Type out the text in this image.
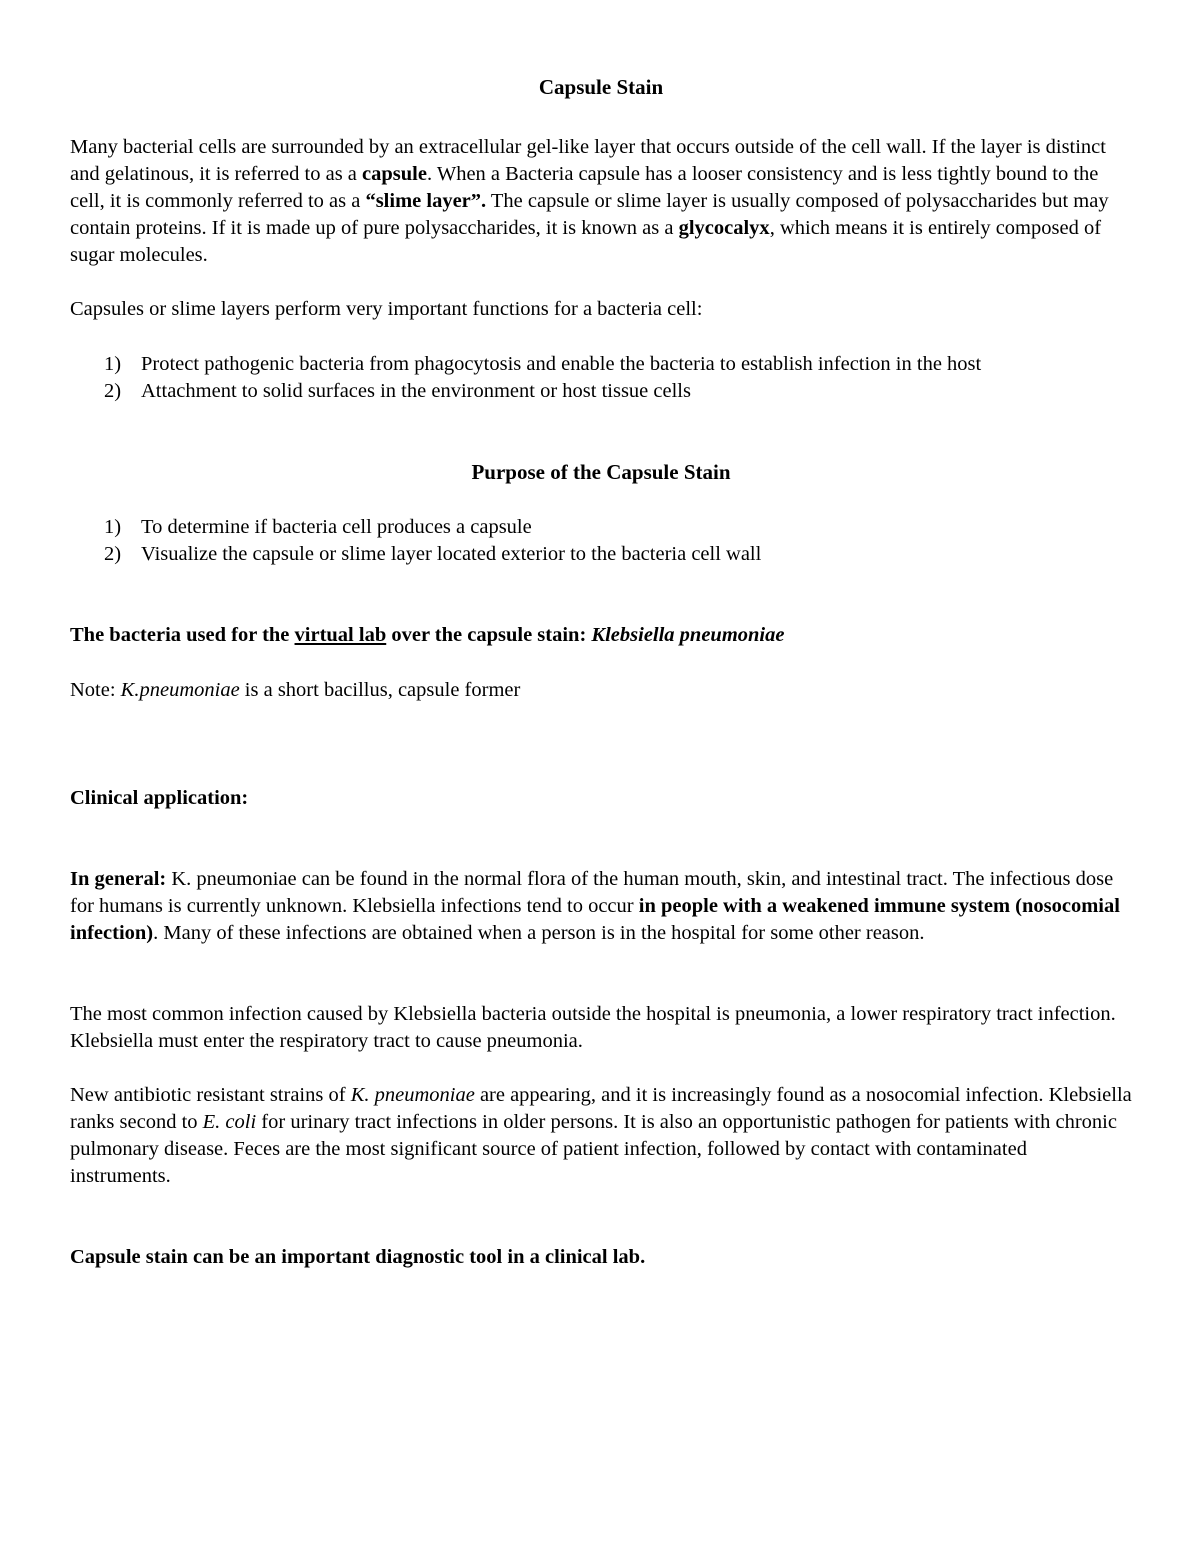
Capsule Stain

Many bacterial cells are surrounded by an extracellular gel-like layer that occurs outside of the cell wall. If the layer is distinct and gelatinous, it is referred to as a capsule. When a Bacteria capsule has a looser consistency and is less tightly bound to the cell, it is commonly referred to as a “slime layer”. The capsule or slime layer is usually composed of polysaccharides but may contain proteins. If it is made up of pure polysaccharides, it is known as a glycocalyx, which means it is entirely composed of sugar molecules.

Capsules or slime layers perform very important functions for a bacteria cell:

1) Protect pathogenic bacteria from phagocytosis and enable the bacteria to establish infection in the host
2) Attachment to solid surfaces in the environment or host tissue cells
Purpose of the Capsule Stain
1) To determine if bacteria cell produces a capsule
2) Visualize the capsule or slime layer located exterior to the bacteria cell wall

The bacteria used for the virtual lab over the capsule stain: Klebsiella pneumoniae

Note: K.pneumoniae is a short bacillus, capsule former

Clinical application:

In general: K. pneumoniae can be found in the normal flora of the human mouth, skin, and intestinal tract. The infectious dose for humans is currently unknown. Klebsiella infections tend to occur in people with a weakened immune system (nosocomial infection). Many of these infections are obtained when a person is in the hospital for some other reason.

The most common infection caused by Klebsiella bacteria outside the hospital is pneumonia, a lower respiratory tract infection. Klebsiella must enter the respiratory tract to cause pneumonia.

New antibiotic resistant strains of K. pneumoniae are appearing, and it is increasingly found as a nosocomial infection. Klebsiella ranks second to E. coli for urinary tract infections in older persons. It is also an opportunistic pathogen for patients with chronic pulmonary disease. Feces are the most significant source of patient infection, followed by contact with contaminated instruments.

Capsule stain can be an important diagnostic tool in a clinical lab.
